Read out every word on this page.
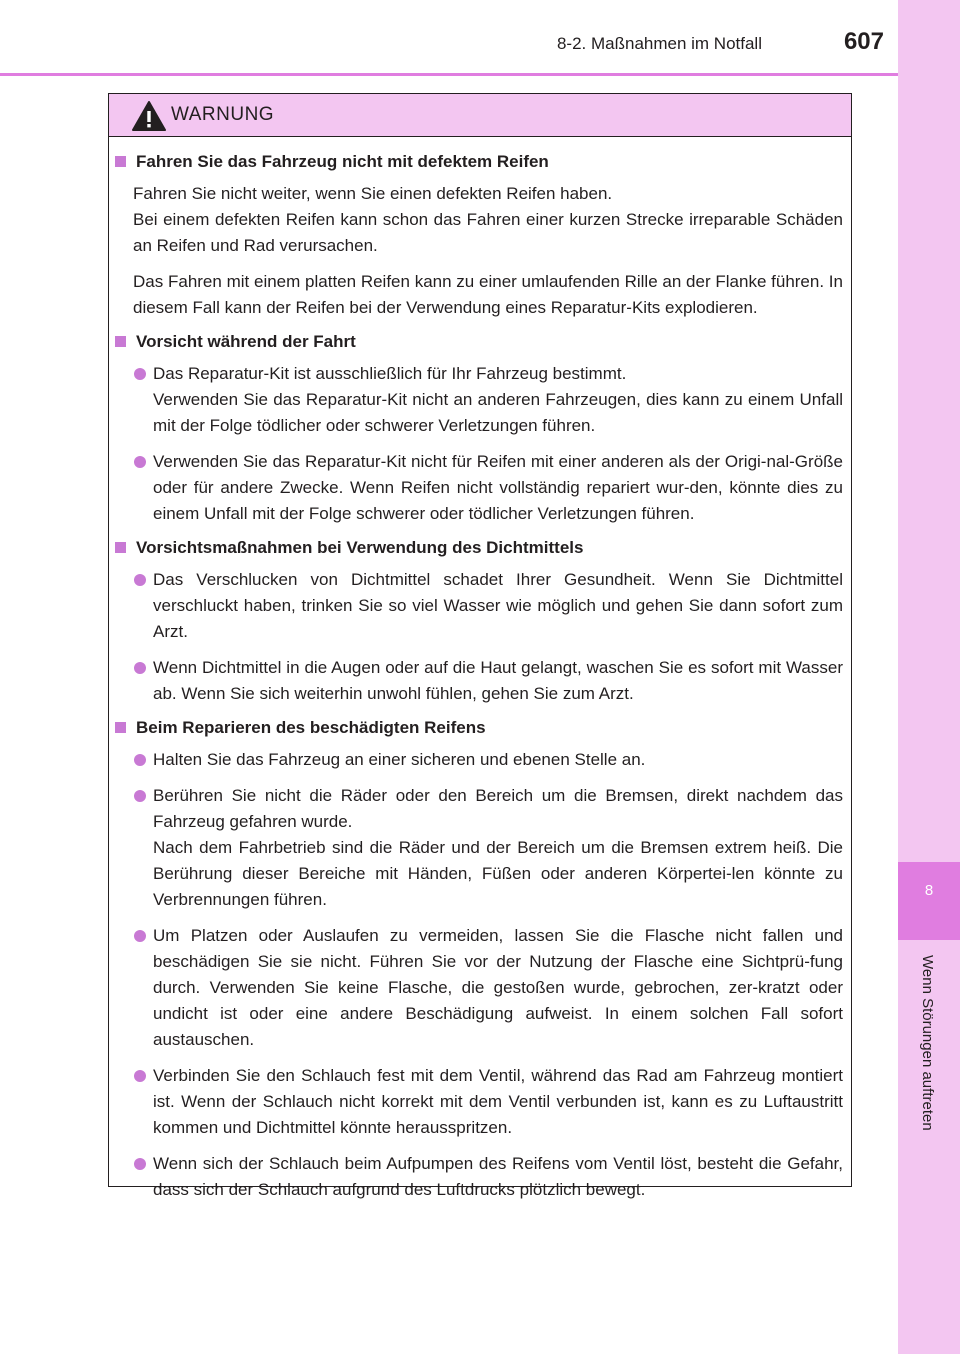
8
Wenn Störungen auftreten
8-2. Maßnahmen im Notfall	607
WARNUNG
Fahren Sie das Fahrzeug nicht mit defektem Reifen

Fahren Sie nicht weiter, wenn Sie einen defekten Reifen haben.

Bei einem defekten Reifen kann schon das Fahren einer kurzen Strecke irreparable Schäden an Reifen und Rad verursachen.

Das Fahren mit einem platten Reifen kann zu einer umlaufenden Rille an der Flanke führen. In diesem Fall kann der Reifen bei der Verwendung eines Reparatur-Kits explodieren.

Vorsicht während der Fahrt
Das Reparatur-Kit ist ausschließlich für Ihr Fahrzeug bestimmt.
Verwenden Sie das Reparatur-Kit nicht an anderen Fahrzeugen, dies kann zu einem Unfall mit der Folge tödlicher oder schwerer Verletzungen führen.
Verwenden Sie das Reparatur-Kit nicht für Reifen mit einer anderen als der Origi-nal-Größe oder für andere Zwecke. Wenn Reifen nicht vollständig repariert wur-den, könnte dies zu einem Unfall mit der Folge schwerer oder tödlicher Verletzungen führen.
Vorsichtsmaßnahmen bei Verwendung des Dichtmittels
Das Verschlucken von Dichtmittel schadet Ihrer Gesundheit. Wenn Sie Dichtmittel verschluckt haben, trinken Sie so viel Wasser wie möglich und gehen Sie dann sofort zum Arzt.
Wenn Dichtmittel in die Augen oder auf die Haut gelangt, waschen Sie es sofort mit Wasser ab. Wenn Sie sich weiterhin unwohl fühlen, gehen Sie zum Arzt.
Beim Reparieren des beschädigten Reifens
Halten Sie das Fahrzeug an einer sicheren und ebenen Stelle an.
Berühren Sie nicht die Räder oder den Bereich um die Bremsen, direkt nachdem das Fahrzeug gefahren wurde.
Nach dem Fahrbetrieb sind die Räder und der Bereich um die Bremsen extrem heiß. Die Berührung dieser Bereiche mit Händen, Füßen oder anderen Körpertei-len könnte zu Verbrennungen führen.
Um Platzen oder Auslaufen zu vermeiden, lassen Sie die Flasche nicht fallen und beschädigen Sie sie nicht. Führen Sie vor der Nutzung der Flasche eine Sichtprü-fung durch. Verwenden Sie keine Flasche, die gestoßen wurde, gebrochen, zer-kratzt oder undicht ist oder eine andere Beschädigung aufweist. In einem solchen Fall sofort austauschen.
Verbinden Sie den Schlauch fest mit dem Ventil, während das Rad am Fahrzeug montiert ist. Wenn der Schlauch nicht korrekt mit dem Ventil verbunden ist, kann es zu Luftaustritt kommen und Dichtmittel könnte herausspritzen.
Wenn sich der Schlauch beim Aufpumpen des Reifens vom Ventil löst, besteht die Gefahr, dass sich der Schlauch aufgrund des Luftdrucks plötzlich bewegt.
